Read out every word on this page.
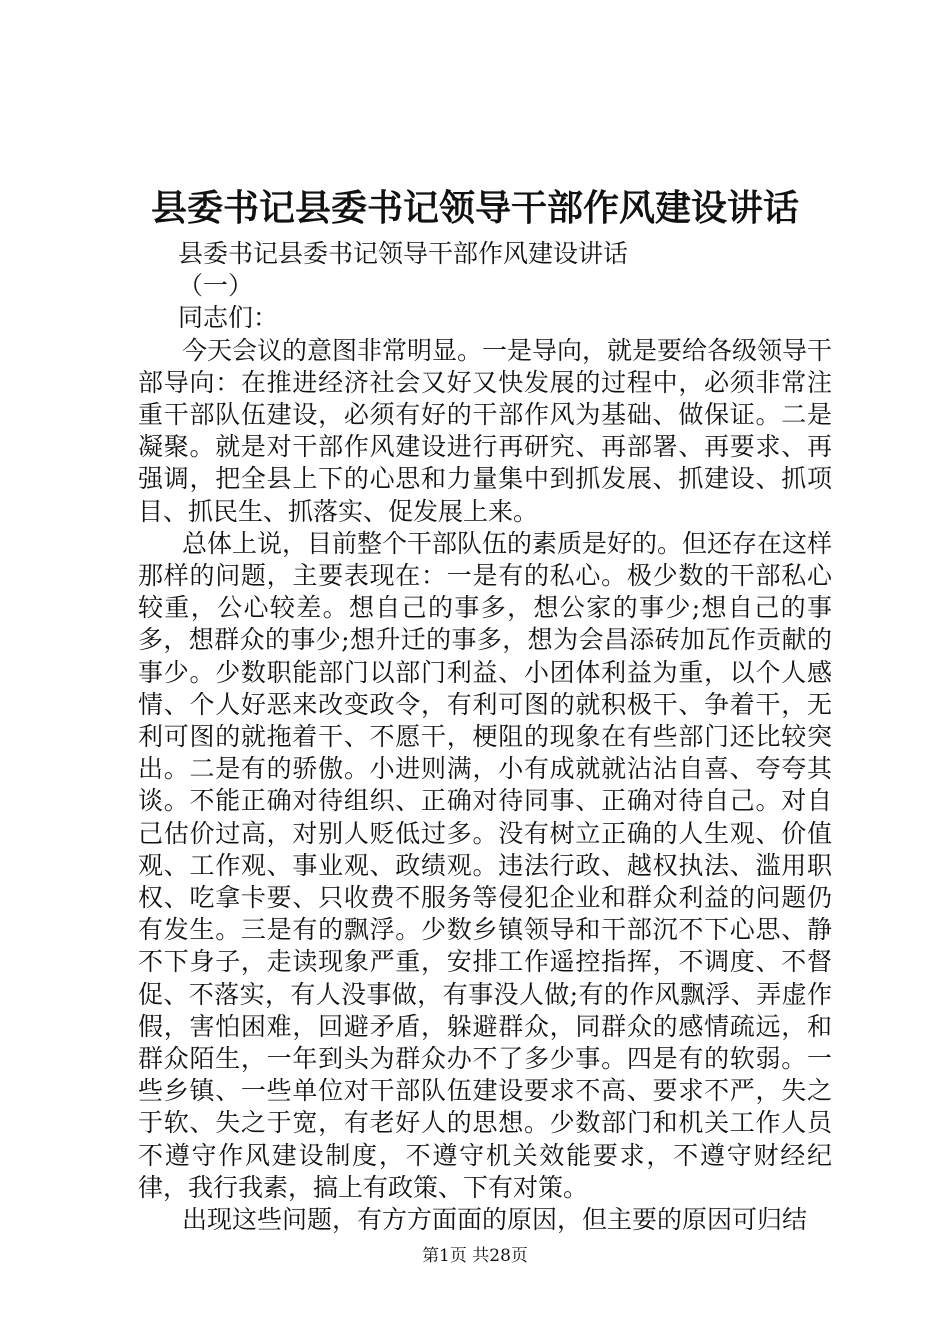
县委书记县委书记领导干部作风建设讲话

县委书记县委书记领导干部作风建设讲话

（一）

同志们：

今天会议的意图非常明显。一是导向，就是要给各级领导干部导向：在推进经济社会又好又快发展的过程中，必须非常注重干部队伍建设，必须有好的干部作风为基础、做保证。二是凝聚。就是对干部作风建设进行再研究、再部署、再要求、再强调，把全县上下的心思和力量集中到抓发展、抓建设、抓项目、抓民生、抓落实、促发展上来。

总体上说，目前整个干部队伍的素质是好的。但还存在这样那样的问题，主要表现在：一是有的私心。极少数的干部私心较重，公心较差。想自己的事多，想公家的事少;想自己的事多，想群众的事少;想升迁的事多，想为会昌添砖加瓦作贡献的事少。少数职能部门以部门利益、小团体利益为重，以个人感情、个人好恶来改变政令，有利可图的就积极干、争着干，无利可图的就拖着干、不愿干，梗阻的现象在有些部门还比较突出。二是有的骄傲。小进则满，小有成就就沾沾自喜、夸夸其谈。不能正确对待组织、正确对待同事、正确对待自己。对自己估价过高，对别人贬低过多。没有树立正确的人生观、价值观、工作观、事业观、政绩观。违法行政、越权执法、滥用职权、吃拿卡要、只收费不服务等侵犯企业和群众利益的问题仍有发生。三是有的飘浮。少数乡镇领导和干部沉不下心思、静不下身子，走读现象严重，安排工作遥控指挥，不调度、不督促、不落实，有人没事做，有事没人做;有的作风飘浮、弄虚作假，害怕困难，回避矛盾，躲避群众，同群众的感情疏远，和群众陌生，一年到头为群众办不了多少事。四是有的软弱。一些乡镇、一些单位对干部队伍建设要求不高、要求不严，失之于软、失之于宽，有老好人的思想。少数部门和机关工作人员不遵守作风建设制度，不遵守机关效能要求，不遵守财经纪律，我行我素，搞上有政策、下有对策。

出现这些问题，有方方面面的原因，但主要的原因可归结

第1页 共28页
